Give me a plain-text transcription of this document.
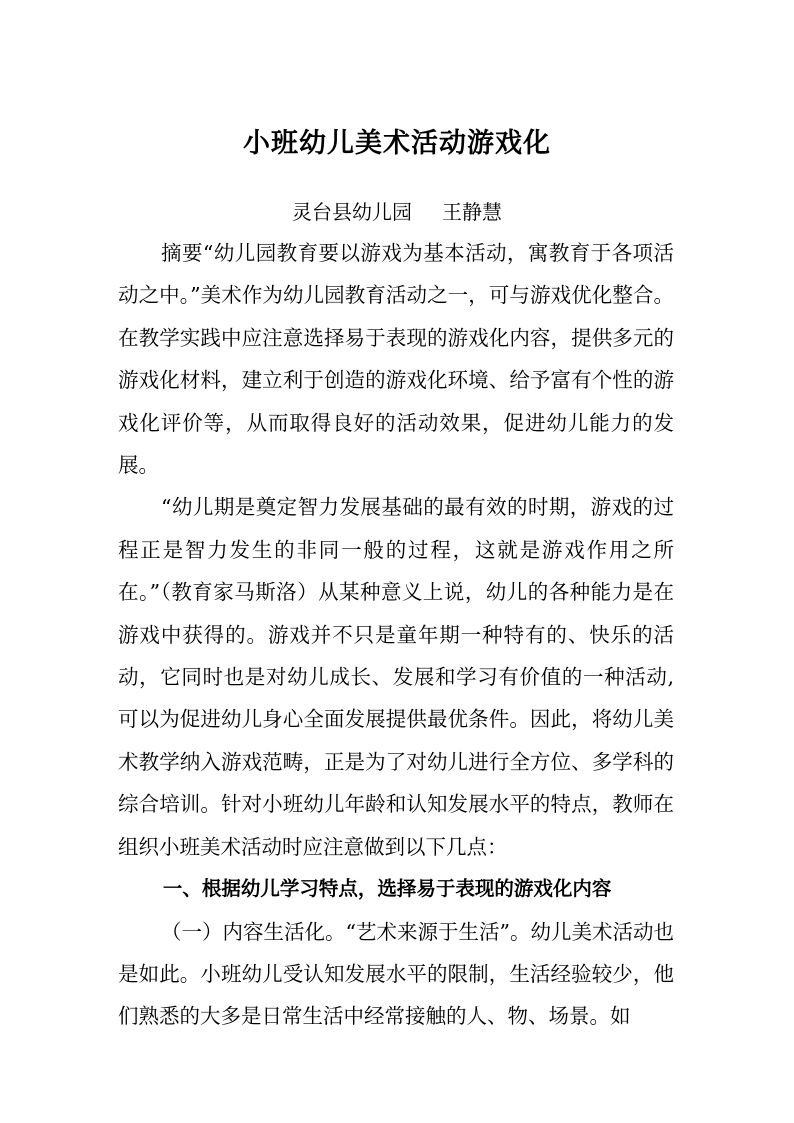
小班幼儿美术活动游戏化
灵台县幼儿园 王静慧

摘要“幼儿园教育要以游戏为基本活动，寓教育于各项活动之中。”美术作为幼儿园教育活动之一，可与游戏优化整合。在教学实践中应注意选择易于表现的游戏化内容，提供多元的游戏化材料，建立利于创造的游戏化环境、给予富有个性的游戏化评价等，从而取得良好的活动效果，促进幼儿能力的发展。

“幼儿期是奠定智力发展基础的最有效的时期，游戏的过程正是智力发生的非同一般的过程，这就是游戏作用之所在。”（教育家马斯洛）从某种意义上说，幼儿的各种能力是在游戏中获得的。游戏并不只是童年期一种特有的、快乐的活动，它同时也是对幼儿成长、发展和学习有价值的一种活动,可以为促进幼儿身心全面发展提供最优条件。因此，将幼儿美术教学纳入游戏范畴，正是为了对幼儿进行全方位、多学科的综合培训。针对小班幼儿年龄和认知发展水平的特点，教师在组织小班美术活动时应注意做到以下几点：

一、根据幼儿学习特点，选择易于表现的游戏化内容

（一）内容生活化。“艺术来源于生活”。幼儿美术活动也是如此。小班幼儿受认知发展水平的限制，生活经验较少，他们熟悉的大多是日常生活中经常接触的人、物、场景。如
